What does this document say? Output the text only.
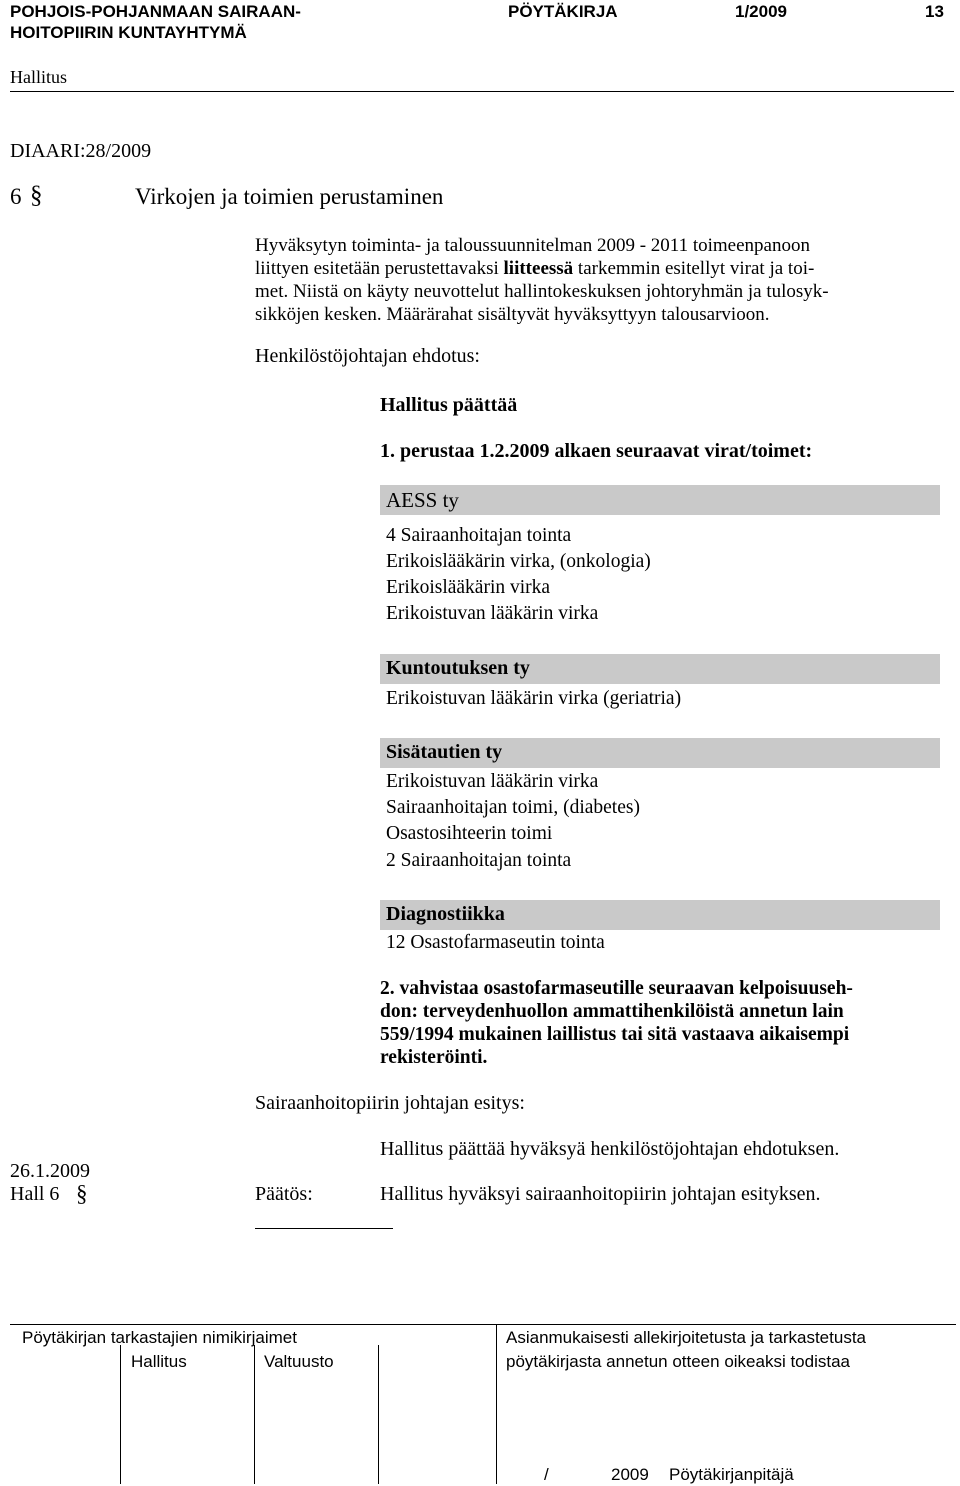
POHJOIS-POHJANMAAN SAIRAAN-
HOITOPIIRIN KUNTAYHTYMÄ
PÖYTÄKIRJA	1/2009	13
Hallitus
DIAARI:28/2009
6 §	Virkojen ja toimien perustaminen
Hyväksytyn toiminta- ja taloussuunnitelman 2009 - 2011 toimeenpanoon
liittyen esitetään perustettavaksi liitteessä tarkemmin esitellyt virat ja toi-
met. Niistä on käyty neuvottelut hallintokeskuksen johtoryhmän ja tulosyk-
sikköjen kesken. Määrärahat sisältyvät hyväksyttyyn talousarvioon.
Henkilöstöjohtajan ehdotus:
Hallitus päättää
1. perustaa 1.2.2009 alkaen seuraavat virat/toimet:
AESS ty
4 Sairaanhoitajan tointa
Erikoislääkärin virka, (onkologia)
Erikoislääkärin virka
Erikoistuvan lääkärin virka
Kuntoutuksen ty
Erikoistuvan lääkärin virka (geriatria)
Sisätautien ty
Erikoistuvan lääkärin virka
Sairaanhoitajan toimi, (diabetes)
Osastosihteerin toimi
2 Sairaanhoitajan tointa
Diagnostiikka
12 Osastofarmaseutin tointa
2. vahvistaa osastofarmaseutille seuraavan kelpoisuuseh-
don: terveydenhuollon ammattihenkilöistä annetun lain
559/1994 mukainen laillistus tai sitä vastaava aikaisempi
rekisteröinti.
Sairaanhoitopiirin johtajan esitys:
Hallitus päättää hyväksyä henkilöstöjohtajan ehdotuksen.
26.1.2009
Hall 6 §	Päätös:	Hallitus hyväksyi sairaanhoitopiirin johtajan esityksen.
Pöytäkirjan tarkastajien nimikirjaimet
Hallitus	Valtuusto
Asianmukaisesti allekirjoitetusta ja tarkastetusta
pöytäkirjasta annetun otteen oikeaksi todistaa
/	2009 Pöytäkirjanpitäjä
